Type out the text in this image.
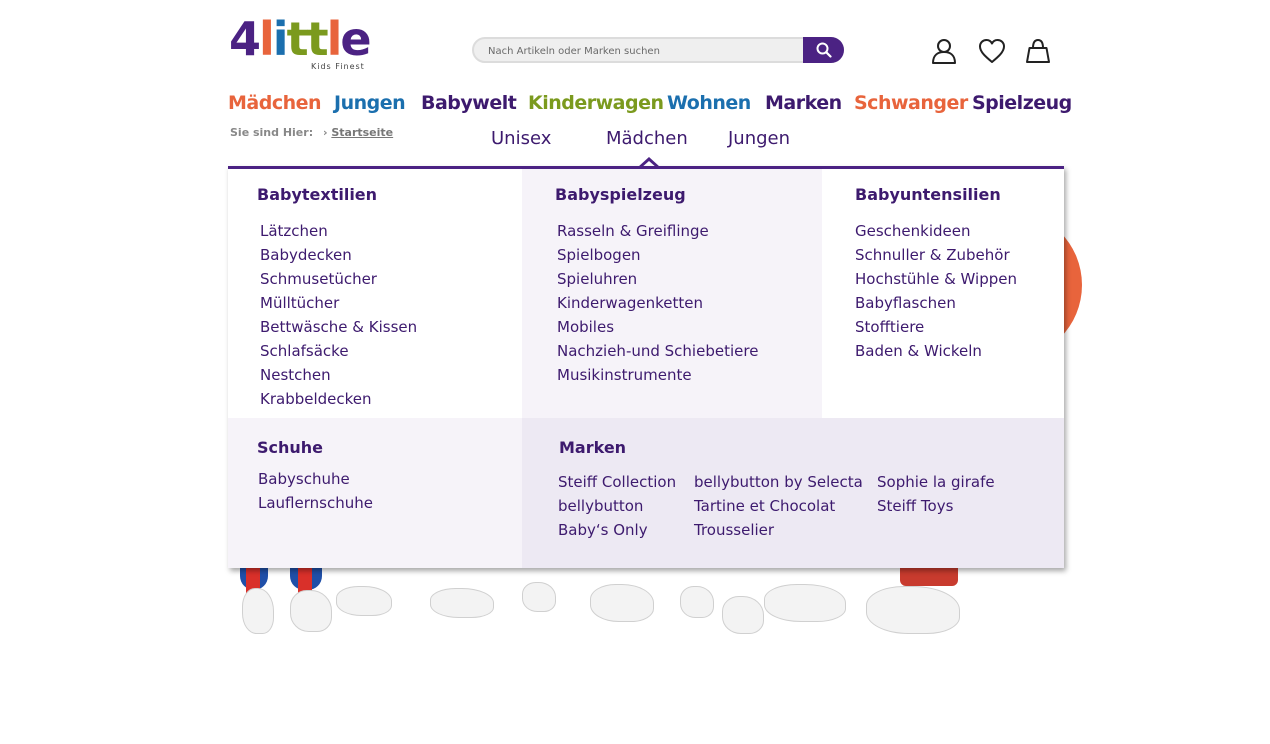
4little
Kids Finest
Nach Artikeln oder Marken suchen
Mädchen Jungen Babywelt Kinderwagen Wohnen Marken Schwanger Spielzeug
Sie sind Hier: › Startseite	Unisex	Mädchen Jungen
Babytextilien
Lätzchen
Babydecken
Schmusetücher
Mülltücher
Bettwäsche & Kissen
Schlafsäcke
Nestchen
Krabbeldecken
Babyspielzeug
Rasseln & Greiflinge
Spielbogen
Spieluhren
Kinderwagenketten
Mobiles
Nachzieh-und Schiebetiere
Musikinstrumente
Babyuntensilien
Geschenkideen
Schnuller & Zubehör
Hochstühle & Wippen
Babyflaschen
Stofftiere
Baden & Wickeln
Schuhe
Babyschuhe
Lauflernschuhe
Marken
Steiff Collection
bellybutton
Baby‘s Only
bellybutton by Selecta
Tartine et Chocolat
Trousselier
Sophie la girafe
Steiff Toys
